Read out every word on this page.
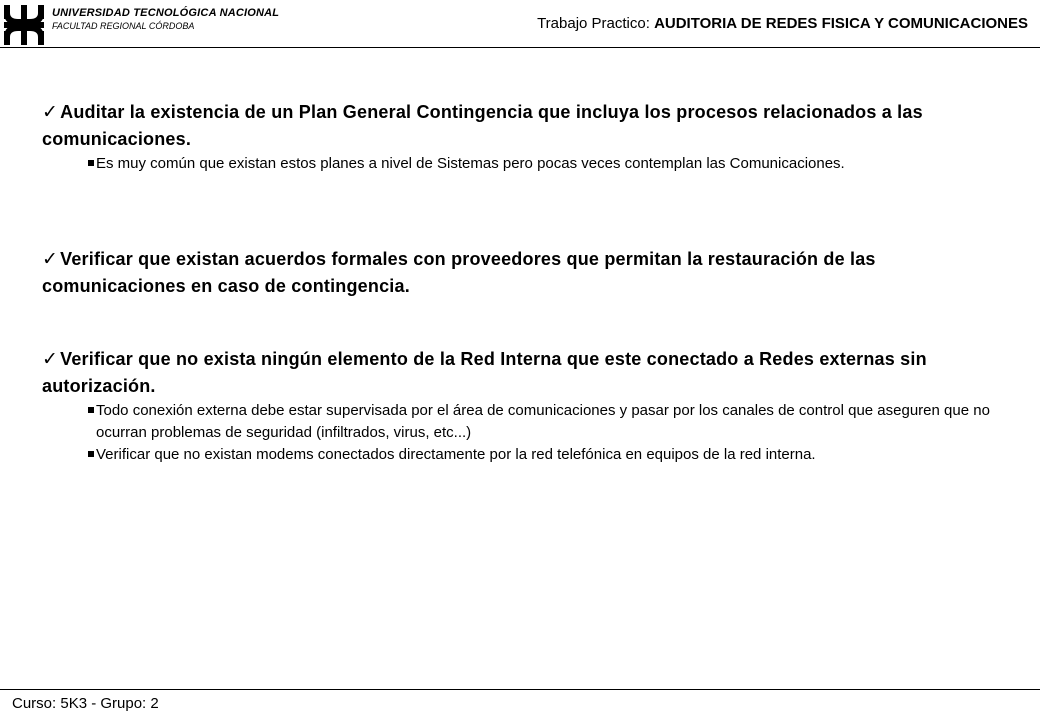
UNIVERSIDAD TECNOLÓGICA NACIONAL
FACULTAD REGIONAL CÓRDOBA	Trabajo Practico: AUDITORIA DE REDES FISICA Y COMUNICACIONES

✓ Auditar la existencia de un Plan General Contingencia que incluya los procesos relacionados a las comunicaciones.

Es muy común que existan estos planes a nivel de Sistemas pero pocas veces contemplan las Comunicaciones.

✓ Verificar que existan acuerdos formales con proveedores que permitan la restauración de las comunicaciones en caso de contingencia.

✓ Verificar que no exista ningún elemento de la Red Interna que este conectado a Redes externas sin autorización.

Todo conexión externa debe estar supervisada por el área de comunicaciones y pasar por los canales de control que aseguren que no ocurran problemas de seguridad (infiltrados, virus, etc...)
Verificar que no existan modems conectados directamente por la red telefónica en equipos de la red interna.
Curso: 5K3 - Grupo: 2
